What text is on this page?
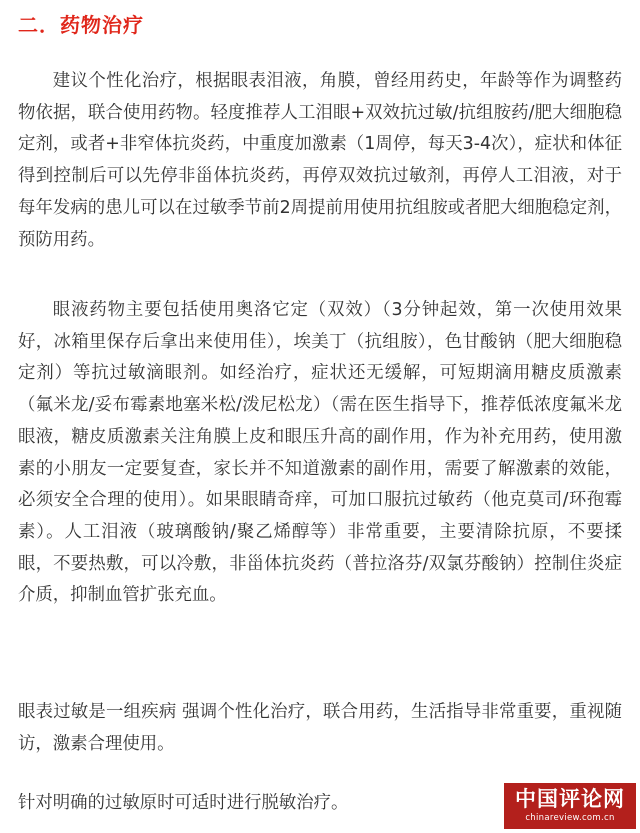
二．药物治疗

建议个性化治疗，根据眼表泪液，角膜，曾经用药史，年龄等作为调整药物依据，联合使用药物。轻度推荐人工泪眼+双效抗过敏/抗组胺药/肥大细胞稳定剂，或者+非窄体抗炎药，中重度加激素（1周停，每天3-4次），症状和体征得到控制后可以先停非甾体抗炎药，再停双效抗过敏剂，再停人工泪液，对于每年发病的患儿可以在过敏季节前2周提前用使用抗组胺或者肥大细胞稳定剂，预防用药。

眼液药物主要包括使用奥洛它定（双效）（3分钟起效，第一次使用效果好，冰箱里保存后拿出来使用佳），埃美丁（抗组胺），色甘酸钠（肥大细胞稳定剂）等抗过敏滴眼剂。如经治疗，症状还无缓解，可短期滴用糖皮质激素（氟米龙/妥布霉素地塞米松/泼尼松龙）（需在医生指导下，推荐低浓度氟米龙眼液，糖皮质激素关注角膜上皮和眼压升高的副作用，作为补充用药，使用激素的小朋友一定要复查，家长并不知道激素的副作用，需要了解激素的效能，必须安全合理的使用）。如果眼睛奇痒，可加口服抗过敏药（他克莫司/环孢霉素）。人工泪液（玻璃酸钠/聚乙烯醇等）非常重要，主要清除抗原，不要揉眼，不要热敷，可以冷敷，非甾体抗炎药（普拉洛芬/双氯芬酸钠）控制住炎症介质，抑制血管扩张充血。

眼表过敏是一组疾病 强调个性化治疗，联合用药，生活指导非常重要，重视随访，激素合理使用。

针对明确的过敏原时可适时进行脱敏治疗。	中国评论网
chinareview.com.cn
